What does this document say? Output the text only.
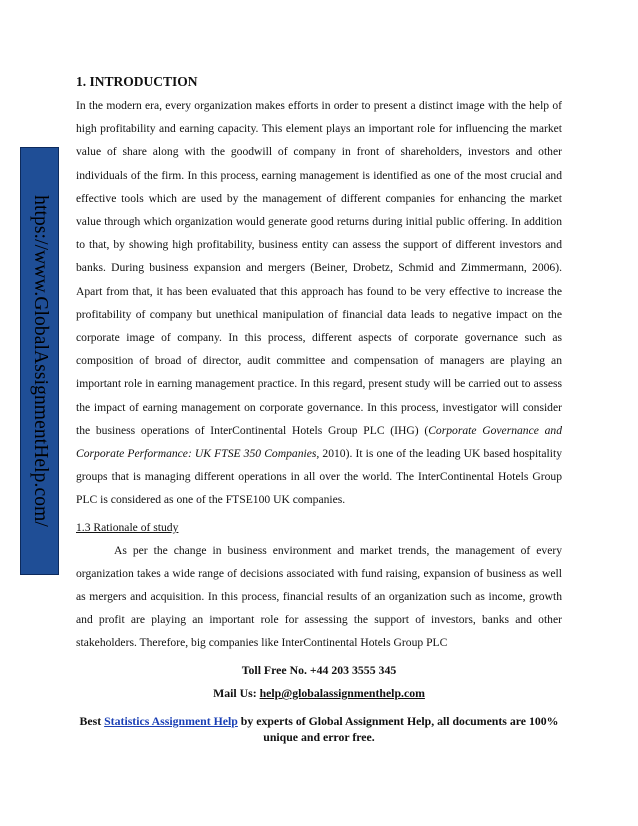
https://www.GlobalAssignmentHelp.com/
1. INTRODUCTION

In the modern era, every organization makes efforts in order to present a distinct image with the help of high profitability and earning capacity. This element plays an important role for influencing the market value of share along with the goodwill of company in front of shareholders, investors and other individuals of the firm. In this process, earning management is identified as one of the most crucial and effective tools which are used by the management of different companies for enhancing the market value through which organization would generate good returns during initial public offering. In addition to that, by showing high profitability, business entity can assess the support of different investors and banks. During business expansion and mergers (Beiner, Drobetz, Schmid and Zimmermann, 2006). Apart from that, it has been evaluated that this approach has found to be very effective to increase the profitability of company but unethical manipulation of financial data leads to negative impact on the corporate image of company. In this process, different aspects of corporate governance such as composition of broad of director, audit committee and compensation of managers are playing an important role in earning management practice. In this regard, present study will be carried out to assess the impact of earning management on corporate governance. In this process, investigator will consider the business operations of InterContinental Hotels Group PLC (IHG) (Corporate Governance and Corporate Performance: UK FTSE 350 Companies, 2010). It is one of the leading UK based hospitality groups that is managing different operations in all over the world. The InterContinental Hotels Group PLC is considered as one of the FTSE100 UK companies.

1.3 Rationale of study

As per the change in business environment and market trends, the management of every organization takes a wide range of decisions associated with fund raising, expansion of business as well as mergers and acquisition. In this process, financial results of an organization such as income, growth and profit are playing an important role for assessing the support of investors, banks and other stakeholders. Therefore, big companies like InterContinental Hotels Group PLC

Toll Free No. +44 203 3555 345
Mail Us: help@globalassignmenthelp.com
Best Statistics Assignment Help by experts of Global Assignment Help, all documents are 100% unique and error free.
